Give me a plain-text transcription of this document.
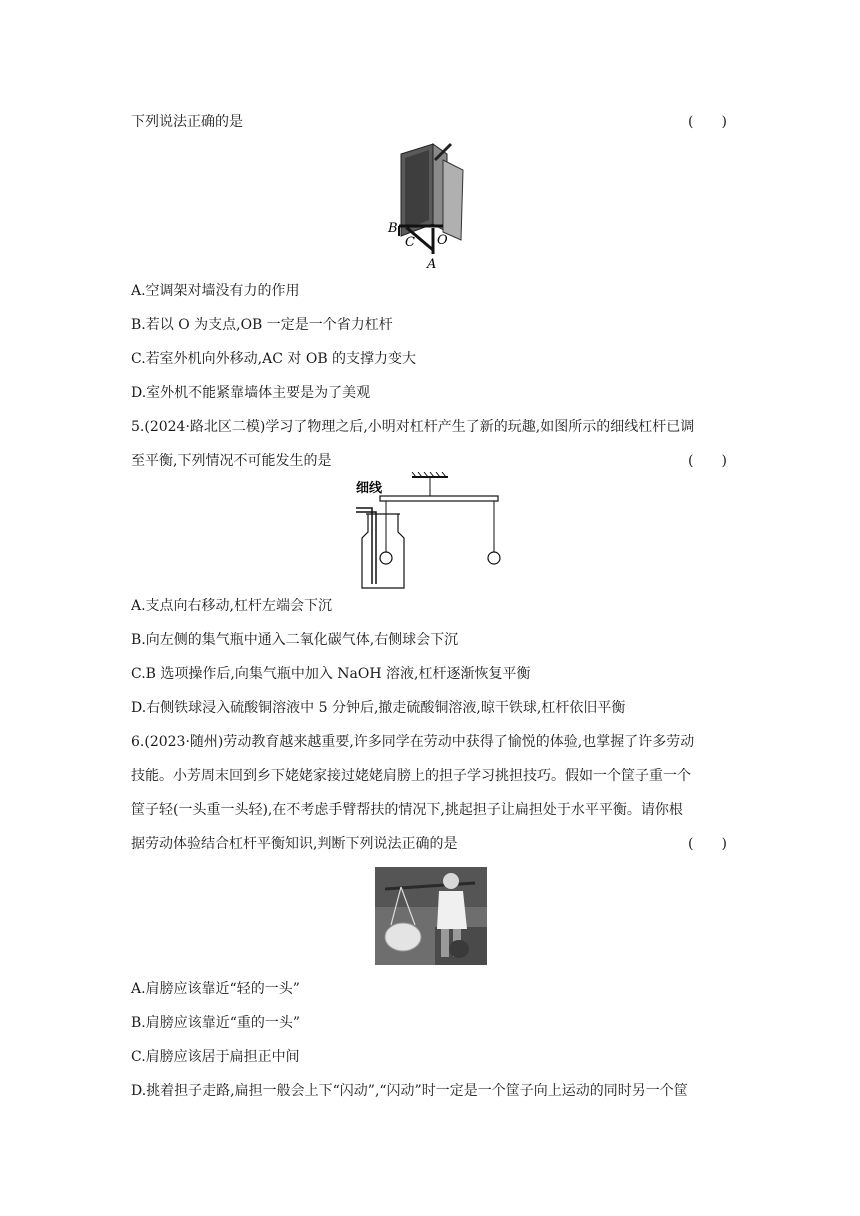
下列说法正确的是	(　　)
B
C O
A
A.空调架对墙没有力的作用
B.若以 O 为支点,OB 一定是一个省力杠杆
C.若室外机向外移动,AC 对 OB 的支撑力变大
D.室外机不能紧靠墙体主要是为了美观
5.(2024·路北区二模)学习了物理之后,小明对杠杆产生了新的玩趣,如图所示的细线杠杆已调
至平衡,下列情况不可能发生的是	(　　)
细线
A.支点向右移动,杠杆左端会下沉
B.向左侧的集气瓶中通入二氧化碳气体,右侧球会下沉
C.B 选项操作后,向集气瓶中加入 NaOH 溶液,杠杆逐渐恢复平衡
D.右侧铁球浸入硫酸铜溶液中 5 分钟后,撤走硫酸铜溶液,晾干铁球,杠杆依旧平衡
6.(2023·随州)劳动教育越来越重要,许多同学在劳动中获得了愉悦的体验,也掌握了许多劳动
技能。小芳周末回到乡下姥姥家接过姥姥肩膀上的担子学习挑担技巧。假如一个筐子重一个
筐子轻(一头重一头轻),在不考虑手臂帮扶的情况下,挑起担子让扁担处于水平平衡。请你根
据劳动体验结合杠杆平衡知识,判断下列说法正确的是	(　　)
A.肩膀应该靠近“轻的一头”
B.肩膀应该靠近“重的一头”
C.肩膀应该居于扁担正中间
D.挑着担子走路,扁担一般会上下“闪动”,“闪动”时一定是一个筐子向上运动的同时另一个筐
